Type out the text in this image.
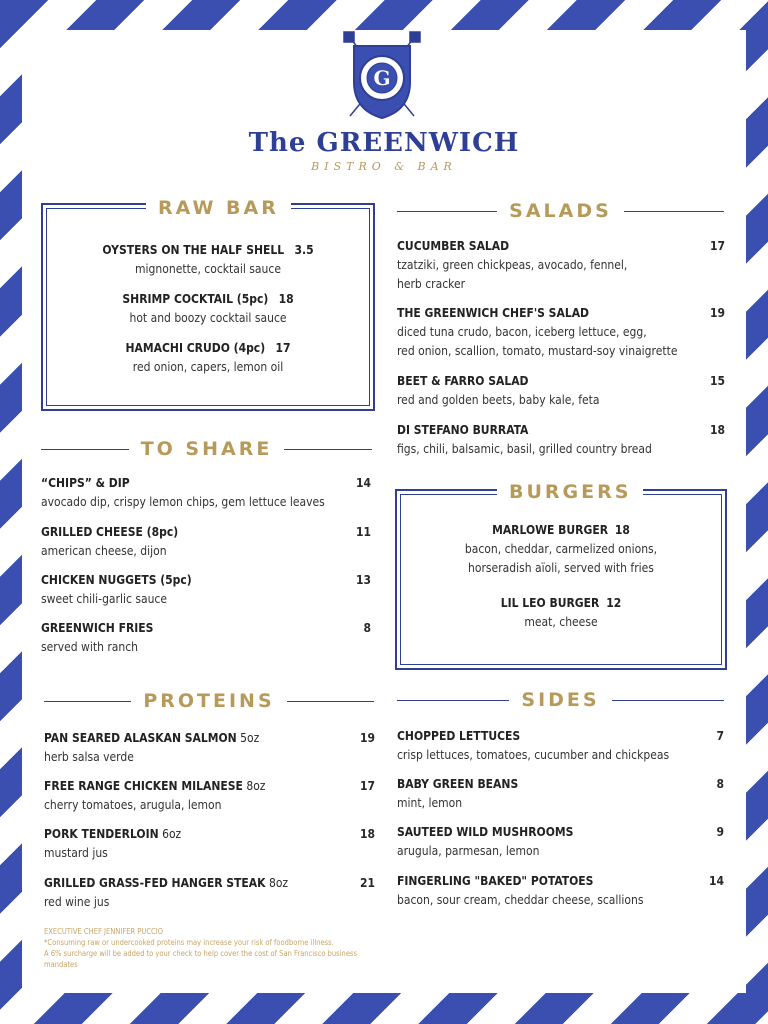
G
The GREENWICH
BISTRO & BAR
RAW BAR
OYSTERS ON THE HALF SHELL 3.5
mignonette, cocktail sauce
SHRIMP COCKTAIL (5pc) 18
hot and boozy cocktail sauce
HAMACHI CRUDO (4pc) 17
red onion, capers, lemon oil
SALADS
CUCUMBER SALAD	17
tzatziki, green chickpeas, avocado, fennel,
herb cracker
THE GREENWICH CHEF'S SALAD	19
diced tuna crudo, bacon, iceberg lettuce, egg,
red onion, scallion, tomato, mustard-soy vinaigrette
BEET & FARRO SALAD	15
red and golden beets, baby kale, feta
DI STEFANO BURRATA	18
figs, chili, balsamic, basil, grilled country bread
TO SHARE
“CHIPS” & DIP	14
avocado dip, crispy lemon chips, gem lettuce leaves
GRILLED CHEESE (8pc)	11
american cheese, dijon
CHICKEN NUGGETS (5pc)	13
sweet chili-garlic sauce
GREENWICH FRIES	8
served with ranch
BURGERS
MARLOWE BURGER 18
bacon, cheddar, carmelized onions,
horseradish aïoli, served with fries
LIL LEO BURGER 12
meat, cheese
PROTEINS
PAN SEARED ALASKAN SALMON 5oz	19
herb salsa verde
FREE RANGE CHICKEN MILANESE 8oz	17
cherry tomatoes, arugula, lemon
PORK TENDERLOIN 6oz	18
mustard jus
GRILLED GRASS-FED HANGER STEAK 8oz	21
red wine jus
SIDES
CHOPPED LETTUCES	7
crisp lettuces, tomatoes, cucumber and chickpeas
BABY GREEN BEANS	8
mint, lemon
SAUTEED WILD MUSHROOMS	9
arugula, parmesan, lemon
FINGERLING "BAKED" POTATOES	14
bacon, sour cream, cheddar cheese, scallions
EXECUTIVE CHEF JENNIFER PUCCIO
*Consuming raw or undercooked proteins may increase your risk of foodborne illness.
A 6% surcharge will be added to your check to help cover the cost of San Francisco business mandates
